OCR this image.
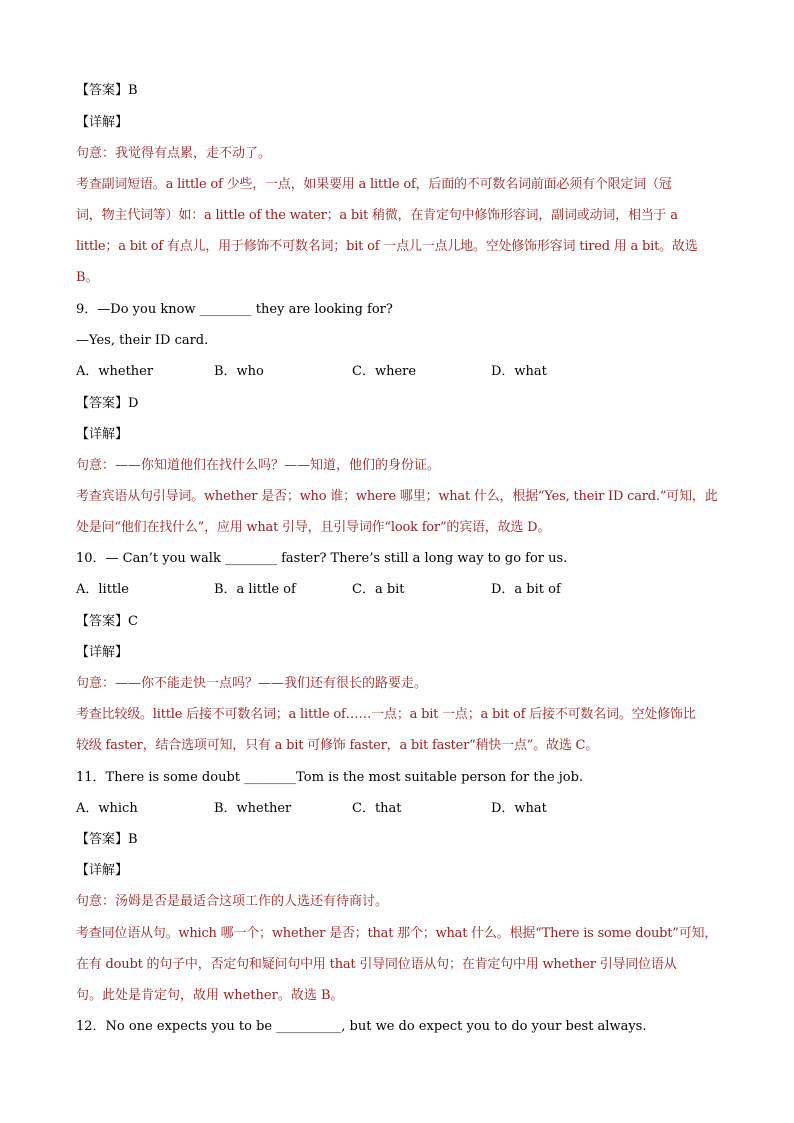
【答案】B
【详解】
句意：我觉得有点累，走不动了。
考查副词短语。a little of 少些，一点，如果要用 a little of，后面的不可数名词前面必须有个限定词（冠
词，物主代词等）如：a little of the water；a bit 稍微，在肯定句中修饰形容词，副词或动词，相当于 a
little；a bit of 有点儿，用于修饰不可数名词；bit of 一点儿一点儿地。空处修饰形容词 tired 用 a bit。故选
B。
9．—Do you know ________ they are looking for?
—Yes, their ID card.
A．whether	B．who	C．where	D．what
【答案】D
【详解】
句意：——你知道他们在找什么吗？——知道，他们的身份证。
考查宾语从句引导词。whether 是否；who 谁；where 哪里；what 什么，根据“Yes, their ID card.”可知，此
处是问“他们在找什么”，应用 what 引导，且引导词作“look for”的宾语，故选 D。
10．— Can’t you walk ________ faster? There’s still a long way to go for us.
A．little	B．a little of	C．a bit	D．a bit of
【答案】C
【详解】
句意：——你不能走快一点吗？——我们还有很长的路要走。
考查比较级。little 后接不可数名词；a little of……一点；a bit 一点；a bit of 后接不可数名词。空处修饰比
较级 faster，结合选项可知，只有 a bit 可修饰 faster，a bit faster“稍快一点”。故选 C。
11．There is some doubt ________Tom is the most suitable person for the job.
A．which	B．whether	C．that	D．what
【答案】B
【详解】
句意：汤姆是否是最适合这项工作的人选还有待商讨。
考查同位语从句。which 哪一个；whether 是否；that 那个；what 什么。根据“There is some doubt”可知，
在有 doubt 的句子中，否定句和疑问句中用 that 引导同位语从句；在肯定句中用 whether 引导同位语从
句。此处是肯定句，故用 whether。故选 B。
12．No one expects you to be __________, but we do expect you to do your best always.
